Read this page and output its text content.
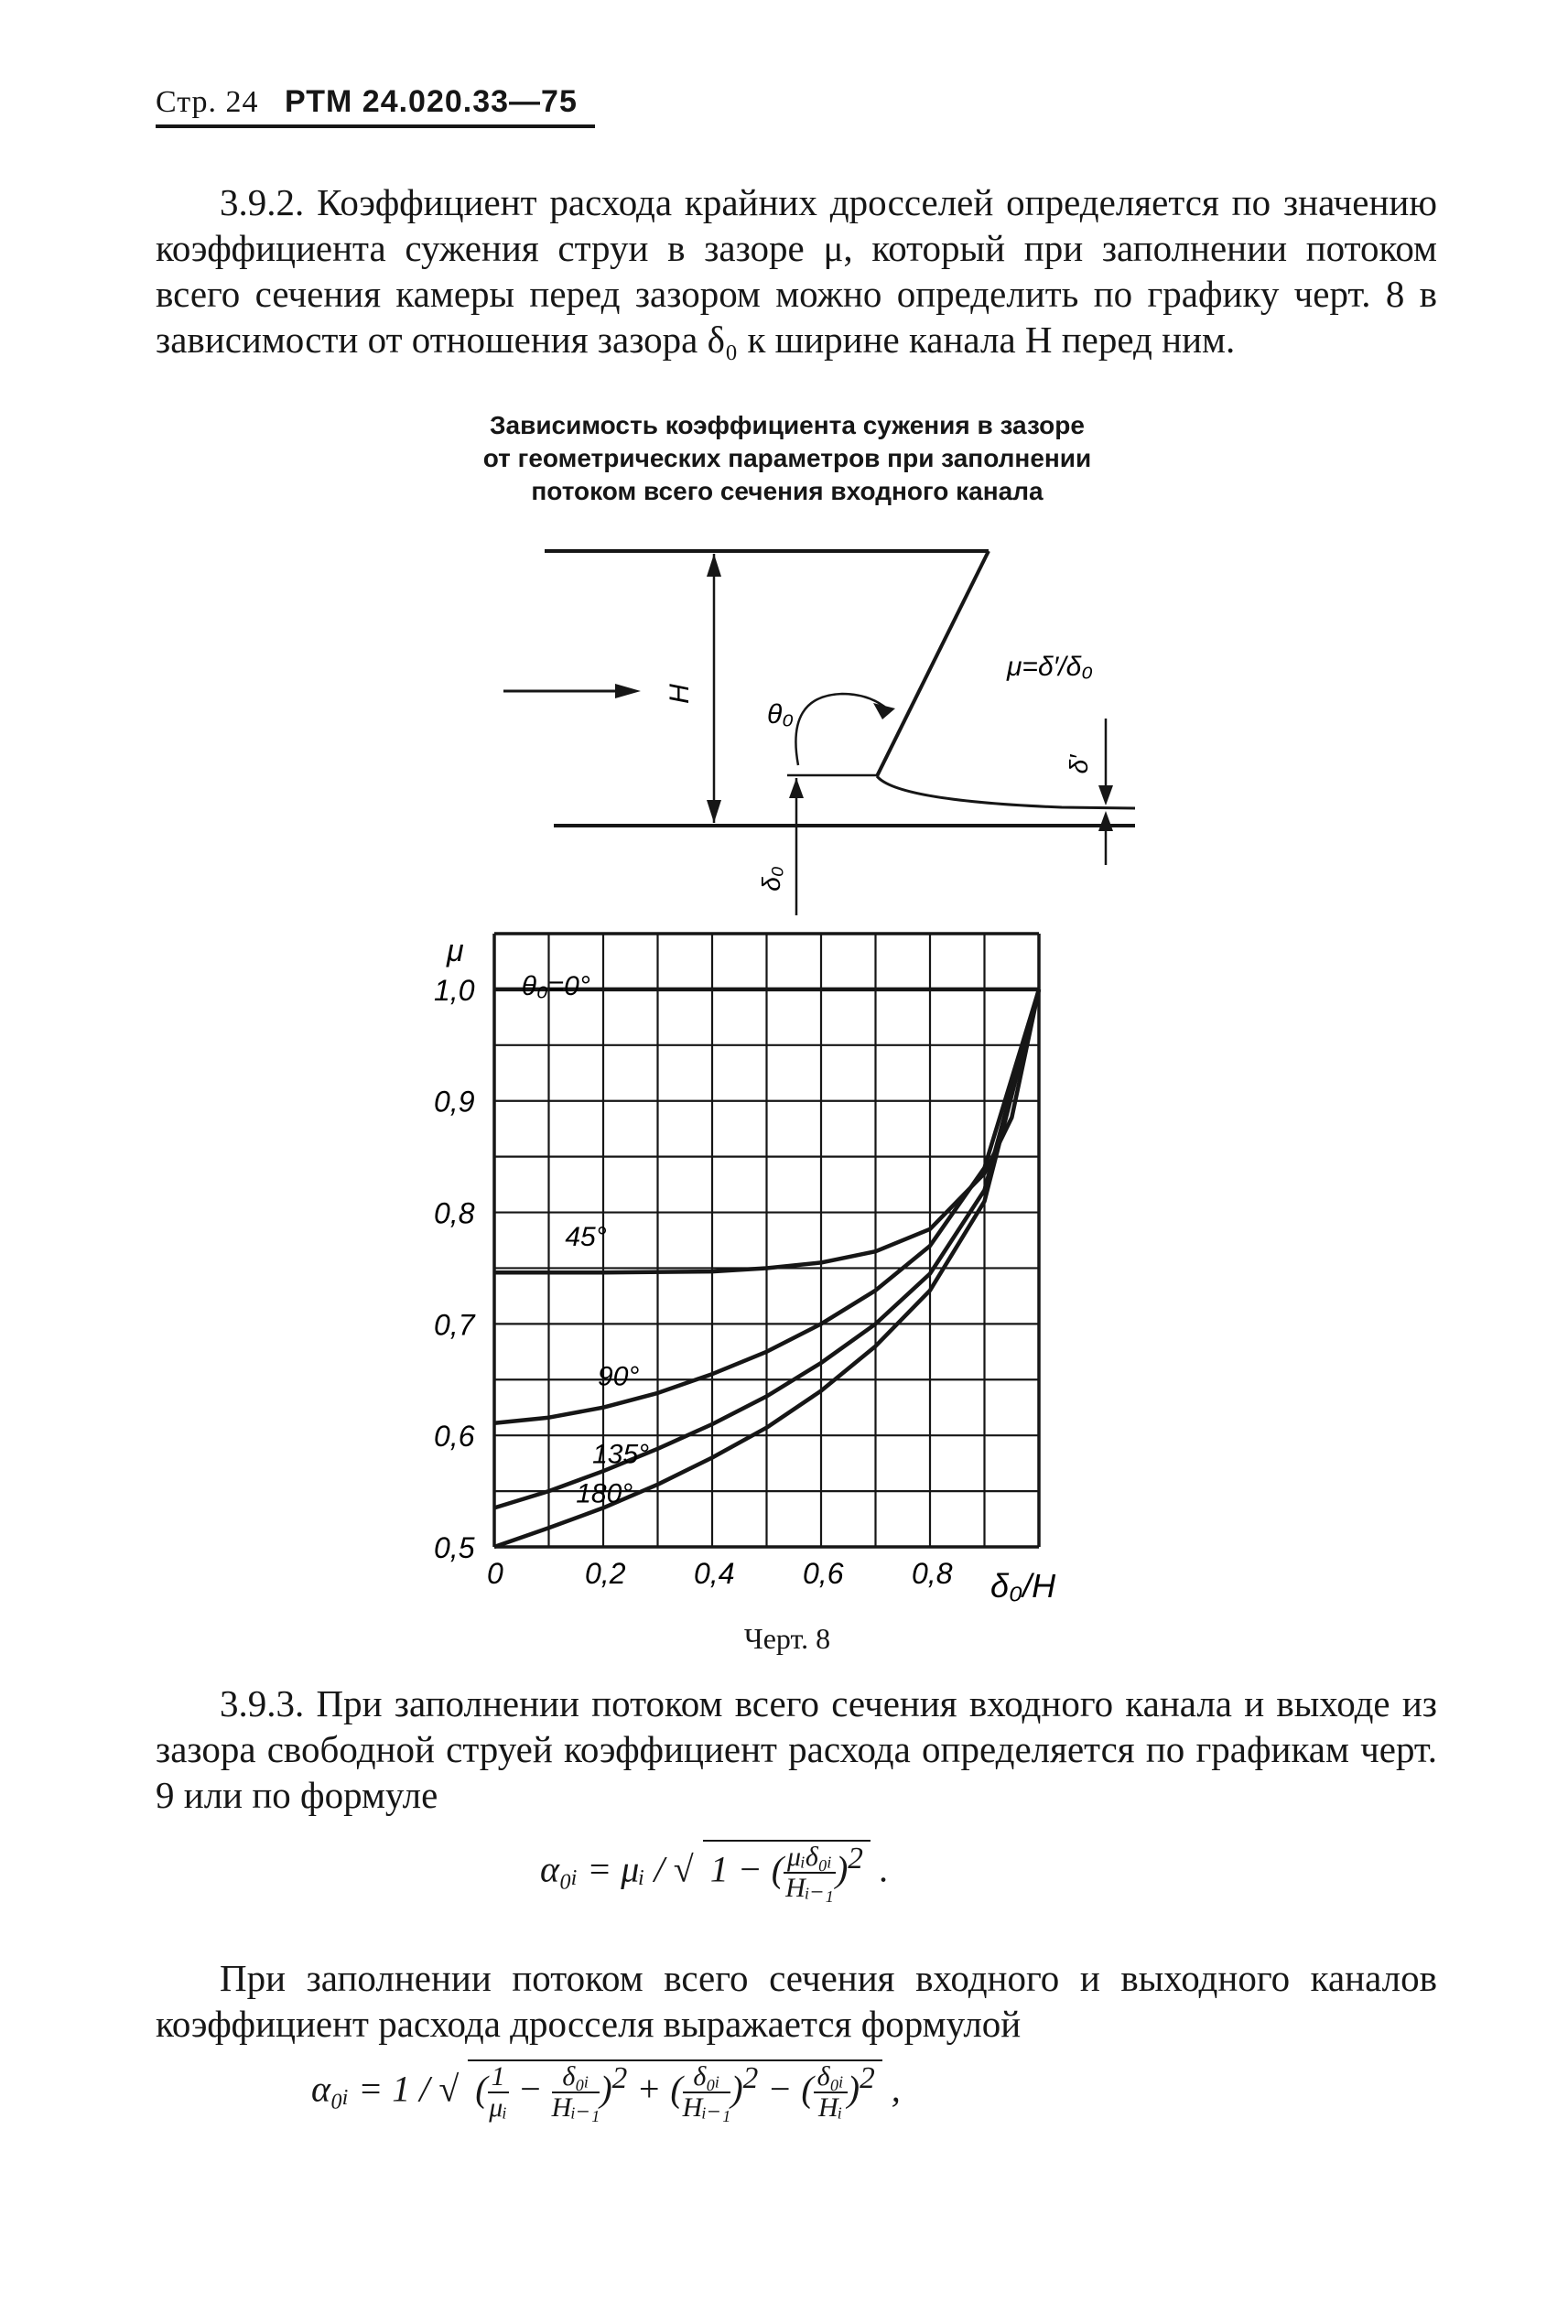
Стр. 24 РТМ 24.020.33—75

3.9.2. Коэффициент расхода крайних дросселей определяется по значению коэффициента сужения струи в зазоре μ, который при заполнении потоком всего сечения камеры перед зазором можно определить по графику черт. 8 в зависимости от отношения зазора δ₀ к ширине канала H перед ним.

Зависимость коэффициента сужения в зазоре
от геометрических параметров при заполнении
потоком всего сечения входного канала
H
θ₀
μ=δ′/δ₀
δ′
δ₀
0	0,2 0,4 0,6 0,8
0,5
0,6
0,7
0,8
0,9
1,0
μ
δ₀/H
θ₀=0°
45°
90°
135°
180°
Черт. 8

3.9.3. При заполнении потоком всего сечения входного канала и выходе из зазора свободной струей коэффициент расхода определяется по графикам черт. 9 или по формуле

α₀ᵢ = μᵢ / √ 1 − ( $\frac{\text{μᵢδ₀ᵢ}}{\text{Hᵢ₋₁}} )^2$ .

При заполнении потоком всего сечения входного и выходного каналов коэффициент расхода дросселя выражается формулой

α₀ᵢ = 1 / √ ( $\frac{1}{\text{μᵢ}} - \frac{\text{δ₀ᵢ}}{\text{Hᵢ₋₁}} )^2$ + ( $\frac{\text{δ₀ᵢ}}{\text{Hᵢ₋₁}} )^2$ − ( $\frac{\text{δ₀ᵢ}}{\text{Hᵢ}} )^2$ ,
